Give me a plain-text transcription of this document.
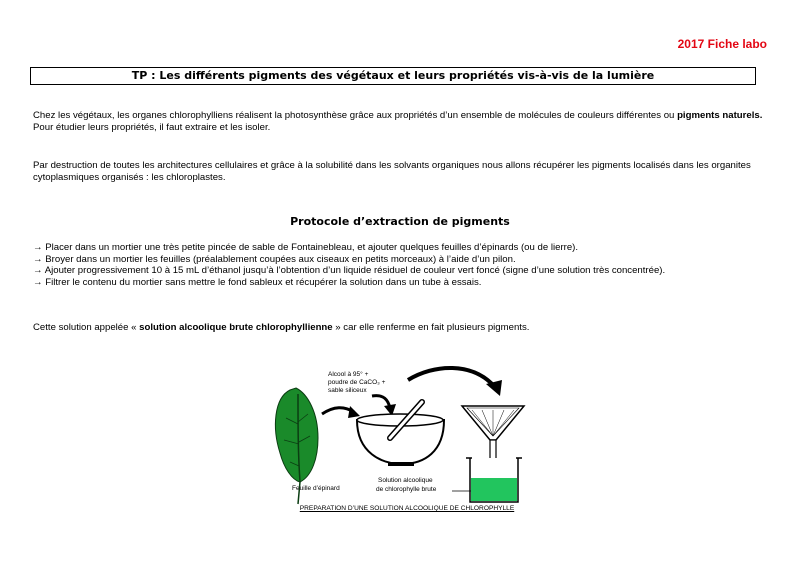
2017 Fiche labo
TP : Les différents pigments des végétaux et leurs propriétés vis-à-vis de la lumière
Chez les végétaux, les organes chlorophylliens réalisent la photosynthèse grâce aux propriétés d’un ensemble de molécules de couleurs différentes ou pigments naturels.
Pour étudier leurs propriétés, il faut extraire et les isoler.
Par destruction de toutes les architectures cellulaires et grâce à la solubilité dans les solvants organiques nous allons récupérer les pigments localisés dans les organites cytoplasmiques organisés : les chloroplastes.
Protocole d’extraction de pigments
→ Placer dans un mortier une très petite pincée de sable de Fontainebleau, et ajouter quelques feuilles d’épinards (ou de lierre).
→ Broyer dans un mortier les feuilles (préalablement coupées aux ciseaux en petits morceaux) à l’aide d’un pilon.
→ Ajouter progressivement 10 à 15 mL d’éthanol jusqu’à l’obtention d’un liquide résiduel de couleur vert foncé (signe d’une solution très concentrée).
→ Filtrer le contenu du mortier sans mettre le fond sableux et récupérer la solution dans un tube à essais.
Cette solution appelée « solution alcoolique brute chlorophyllienne » car elle renferme en fait plusieurs pigments.
Alcool à 95° +
poudre de CaCO₃ +
sable siliceux
Feuille d’épinard
Solution alcoolique
de chlorophylle brute
PREPARATION D’UNE SOLUTION ALCOOLIQUE DE CHLOROPHYLLE
